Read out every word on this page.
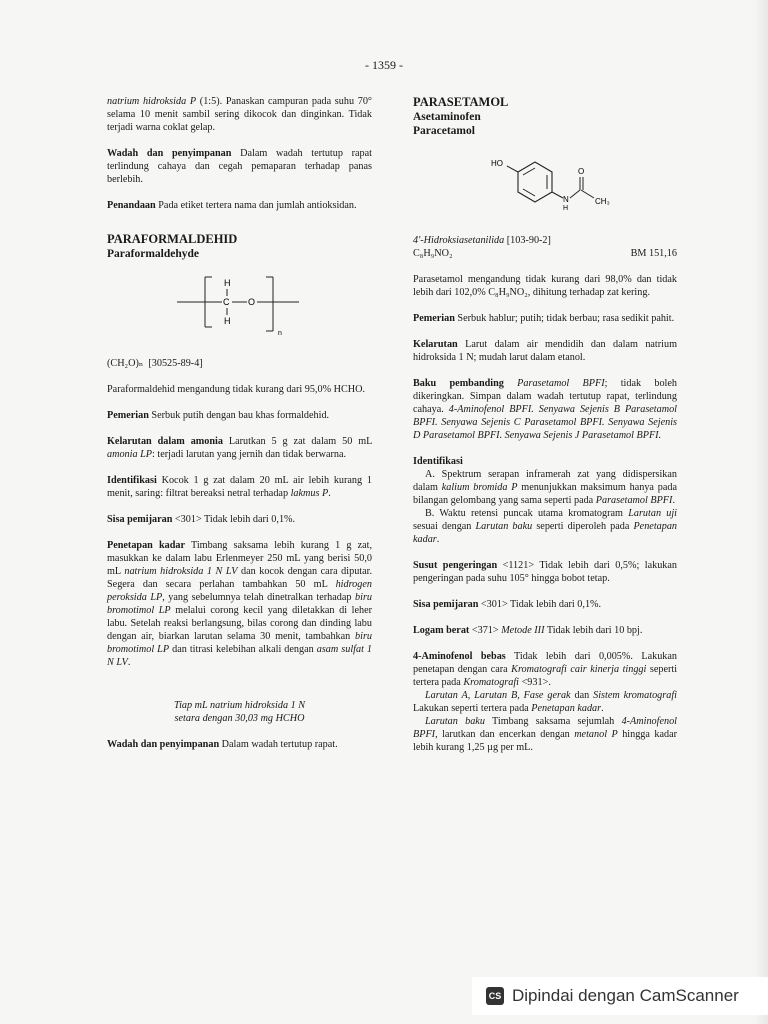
- 1359 -

natrium hidroksida P (1:5). Panaskan campuran pada suhu 70° selama 10 menit sambil sering dikocok dan dinginkan. Tidak terjadi warna coklat gelap.

Wadah dan penyimpanan Dalam wadah tertutup rapat terlindung cahaya dan cegah pemaparan terhadap panas berlebih.

Penandaan Pada etiket tertera nama dan jumlah antioksidan.

PARAFORMALDEHID
Paraformaldehyde
H
C O
H
n

(CH₂O)ₙ [30525-89-4]

Paraformaldehid mengandung tidak kurang dari 95,0% HCHO.

Pemerian Serbuk putih dengan bau khas formaldehid.

Kelarutan dalam amonia Larutkan 5 g zat dalam 50 mL amonia LP: terjadi larutan yang jernih dan tidak berwarna.

Identifikasi Kocok 1 g zat dalam 20 mL air lebih kurang 1 menit, saring: filtrat bereaksi netral terhadap lakmus P.

Sisa pemijaran <301> Tidak lebih dari 0,1%.

Penetapan kadar Timbang saksama lebih kurang 1 g zat, masukkan ke dalam labu Erlenmeyer 250 mL yang berisi 50,0 mL natrium hidroksida 1 N LV dan kocok dengan cara diputar. Segera dan secara perlahan tambahkan 50 mL hidrogen peroksida LP, yang sebelumnya telah dinetralkan terhadap biru bromotimol LP melalui corong kecil yang diletakkan di leher labu. Setelah reaksi berlangsung, bilas corong dan dinding labu dengan air, biarkan larutan selama 30 menit, tambahkan biru bromotimol LP dan titrasi kelebihan alkali dengan asam sulfat 1 N LV.

Tiap mL natrium hidroksida 1 N

setara dengan 30,03 mg HCHO

Wadah dan penyimpanan Dalam wadah tertutup rapat.

PARASETAMOL
Asetaminofen
Paracetamol
HO
N
H
O
CH₃

4'-Hidroksiasetanilida [103-90-2]

C₈H₉NO₂	BM 151,16

Parasetamol mengandung tidak kurang dari 98,0% dan tidak lebih dari 102,0% C₈H₉NO₂, dihitung terhadap zat kering.

Pemerian Serbuk hablur; putih; tidak berbau; rasa sedikit pahit.

Kelarutan Larut dalam air mendidih dan dalam natrium hidroksida 1 N; mudah larut dalam etanol.

Baku pembanding Parasetamol BPFI; tidak boleh dikeringkan. Simpan dalam wadah tertutup rapat, terlindung cahaya. 4-Aminofenol BPFI. Senyawa Sejenis B Parasetamol BPFI. Senyawa Sejenis C Parasetamol BPFI. Senyawa Sejenis D Parasetamol BPFI. Senyawa Sejenis J Parasetamol BPFI.

Identifikasi

A. Spektrum serapan inframerah zat yang didispersikan dalam kalium bromida P menunjukkan maksimum hanya pada bilangan gelombang yang sama seperti pada Parasetamol BPFI.

B. Waktu retensi puncak utama kromatogram Larutan uji sesuai dengan Larutan baku seperti diperoleh pada Penetapan kadar.

Susut pengeringan <1121> Tidak lebih dari 0,5%; lakukan pengeringan pada suhu 105° hingga bobot tetap.

Sisa pemijaran <301> Tidak lebih dari 0,1%.

Logam berat <371> Metode III Tidak lebih dari 10 bpj.

4-Aminofenol bebas Tidak lebih dari 0,005%. Lakukan penetapan dengan cara Kromatografi cair kinerja tinggi seperti tertera pada Kromatografi <931>.

Larutan A, Larutan B, Fase gerak dan Sistem kromatografi Lakukan seperti tertera pada Penetapan kadar.

Larutan baku Timbang saksama sejumlah 4-Aminofenol BPFI, larutkan dan encerkan dengan metanol P hingga kadar lebih kurang 1,25 µg per mL.

CS Dipindai dengan CamScanner
